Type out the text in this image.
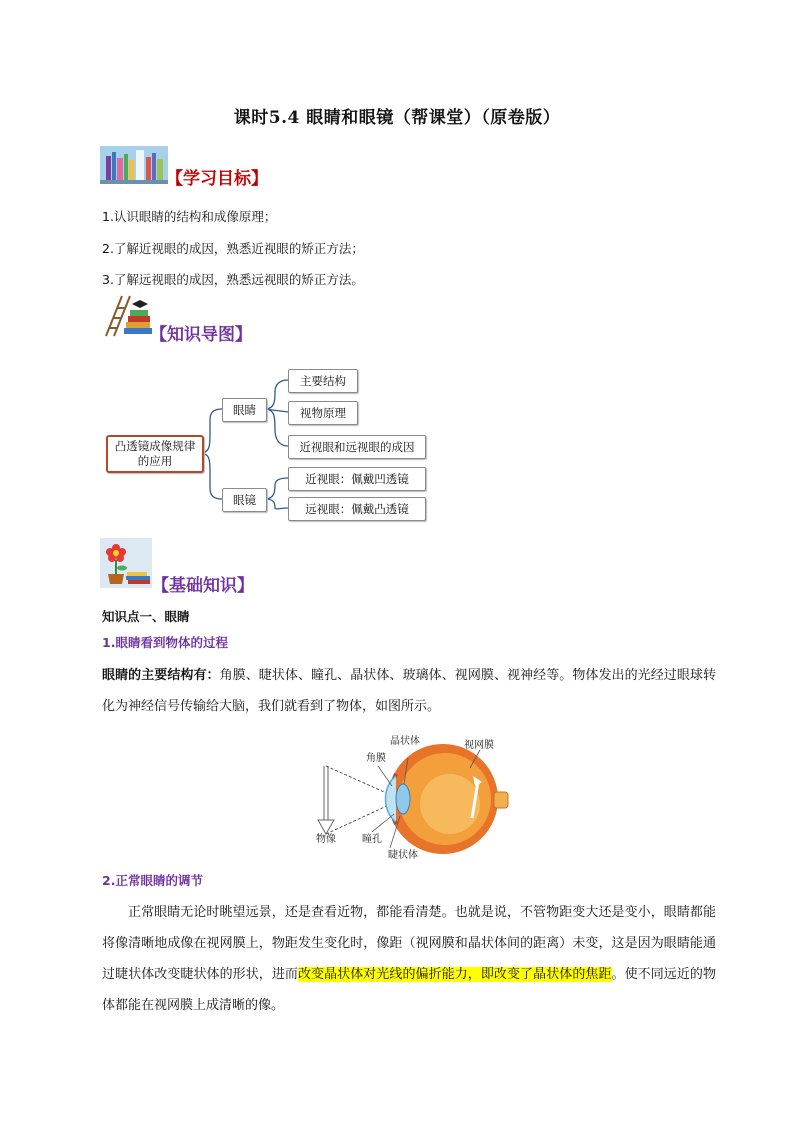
课时5.4 眼睛和眼镜（帮课堂）（原卷版）
【学习目标】
1.认识眼睛的结构和成像原理；
2.了解近视眼的成因，熟悉近视眼的矫正方法；
3.了解远视眼的成因，熟悉远视眼的矫正方法。
【知识导图】
凸透镜成像规律
的应用
眼睛
眼镜
主要结构
视物原理
近视眼和远视眼的成因
近视眼：佩戴凹透镜
远视眼：佩戴凸透镜
【基础知识】
知识点一、眼睛
1.眼睛看到物体的过程
眼睛的主要结构有：角膜、睫状体、瞳孔、晶状体、玻璃体、视网膜、视神经等。物体发出的光经过眼球转化为神经信号传输给大脑，我们就看到了物体，如图所示。
晶状体
角膜
视网膜
物像	瞳孔
睫状体
2.正常眼睛的调节
正常眼睛无论时眺望远景，还是查看近物，都能看清楚。也就是说，不管物距变大还是变小，眼睛都能将像清晰地成像在视网膜上，物距发生变化时，像距（视网膜和晶状体间的距离）未变，这是因为眼睛能通过睫状体改变睫状体的形状，进而改变晶状体对光线的偏折能力，即改变了晶状体的焦距。使不同远近的物体都能在视网膜上成清晰的像。
